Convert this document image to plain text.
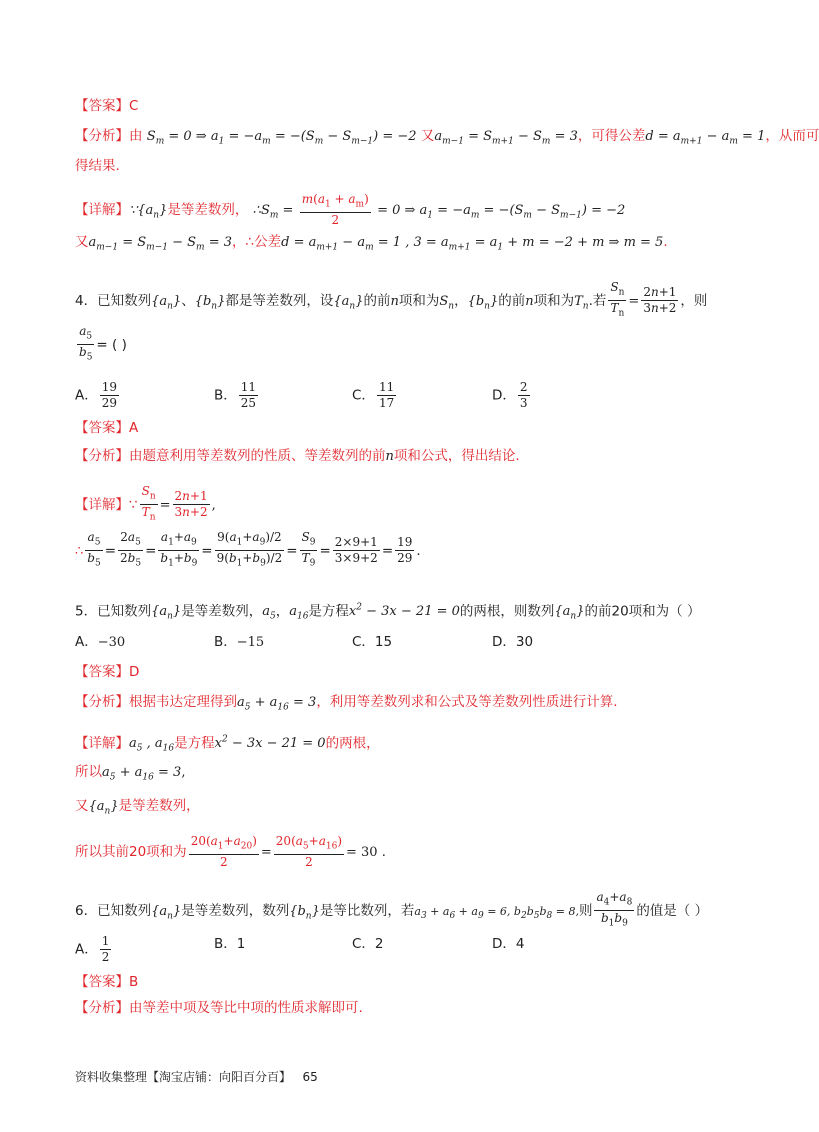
【答案】C
【分析】由 $S_m = 0$ ⇒ $a_1 = -a_m = -(S_m - S_{m-1}) = -2$ 又$a_{m-1} = S_{m+1} - S_m = 3$，可得公差$d = a_{m+1} - a_m = 1$，从而可
得结果.
【详解】$\because\{a_n\}$是等差数列， $\therefore S_m = \frac{m(a_1 + a_m)}{2} = 0$ ⇒ $a_1 = -a_m = -(S_m - S_{m-1}) = -2$
又$a_{m-1} = S_{m-1} - S_m = 3$，∴公差$d = a_{m+1} - a_m = 1$ , $3 = a_{m+1} = a_1 + m = -2 + m$ ⇒ m = 5.
4．已知数列$\{a_n\}$、$\{b_n\}$都是等差数列，设$\{a_n\}$的前n项和为$S_n$，$\{b_n\}$的前n项和为$T_n$.若 $\frac{S_n}{T_n} = \frac{2n+1}{3n+2}$ ，则
$\frac{a_5}{b_5}$ = ( )
A． $\frac{19}{29}$	B． $\frac{11}{25}$	C． $\frac{11}{17}$	D． $\frac{2}{3}$
【答案】A
【分析】由题意利用等差数列的性质、等差数列的前n项和公式，得出结论.
【详解】∵ $\frac{S_n}{T_n} = \frac{2n+1}{3n+2}$ ,
∴ $\frac{a_5}{b_5} = \frac{2a_5}{2b_5} = \frac{a_1+a_9}{b_1+b_9} = \frac{9(a_1+a_9)/2}{9(b_1+b_9)/2} = \frac{S_9}{T_9} = \frac{2\times 9+1}{3\times 9+2} = \frac{19}{29}$ .
5．已知数列$\{a_n\}$是等差数列，$a_5$，$a_{16}$是方程$x^2 - 3x - 21 = 0$的两根，则数列$\{a_n\}$的前20项和为（ ）
A．−30	B．−15	C．15	D．30
【答案】D
【分析】根据韦达定理得到$a_5 + a_{16} = 3$，利用等差数列求和公式及等差数列性质进行计算.
【详解】$a_5$ , $a_{16}$是方程$x^2 - 3x - 21 = 0$的两根，
所以$a_5 + a_{16} = 3$,
又$\{a_n\}$是等差数列，
所以其前20项和为 $\frac{20(a_1+a_{20})}{2} = \frac{20(a_5+a_{16})}{2} = 30$ .
6．已知数列$\{a_n\}$是等差数列，数列$\{b_n\}$是等比数列，若$a_3 + a_6 + a_9 = 6$, $b_2b_5b_8 = 8$,则 $\frac{a_4+a_8}{b_1b_9}$ 的值是（ ）
A． $\frac{1}{2}$	B．1	C．2	D．4
【答案】B
【分析】由等差中项及等比中项的性质求解即可.
资料收集整理【淘宝店铺：向阳百分百】 65
